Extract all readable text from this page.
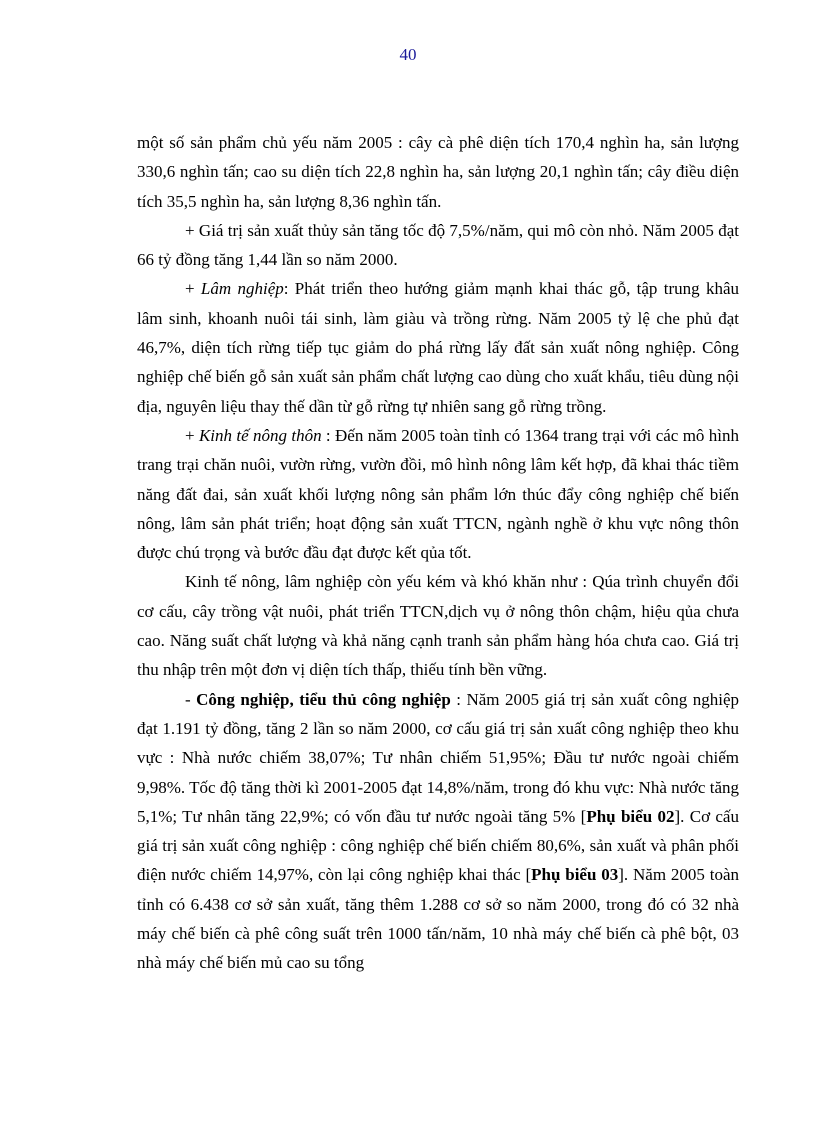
40

một số sản phẩm chủ yếu năm 2005 : cây cà phê diện tích 170,4 nghìn ha, sản lượng 330,6 nghìn tấn; cao su diện tích 22,8 nghìn ha, sản lượng 20,1 nghìn tấn; cây điều diện tích 35,5 nghìn ha, sản lượng 8,36 nghìn tấn.

+ Giá trị sản xuất thủy sản tăng tốc độ 7,5%/năm, qui mô còn nhỏ. Năm 2005 đạt 66 tỷ đồng tăng 1,44 lần so năm 2000.

+ Lâm nghiệp: Phát triển theo hướng giảm mạnh khai thác gỗ, tập trung khâu lâm sinh, khoanh nuôi tái sinh, làm giàu và trồng rừng. Năm 2005 tỷ lệ che phủ đạt 46,7%, diện tích rừng tiếp tục giảm do phá rừng lấy đất sản xuất nông nghiệp. Công nghiệp chế biến gỗ sản xuất sản phẩm chất lượng cao dùng cho xuất khẩu, tiêu dùng nội địa, nguyên liệu thay thế dần từ gỗ rừng tự nhiên sang gỗ rừng trồng.

+ Kinh tế nông thôn : Đến năm 2005 toàn tỉnh có 1364 trang trại với các mô hình trang trại chăn nuôi, vườn rừng, vườn đồi, mô hình nông lâm kết hợp, đã khai thác tiềm năng đất đai, sản xuất khối lượng nông sản phẩm lớn thúc đẩy công nghiệp chế biến nông, lâm sản phát triển; hoạt động sản xuất TTCN, ngành nghề ở khu vực nông thôn được chú trọng và bước đầu đạt được kết qủa tốt.

Kinh tế nông, lâm nghiệp còn yếu kém và khó khăn như : Qúa trình chuyển đổi cơ cấu, cây trồng vật nuôi, phát triển TTCN,dịch vụ ở nông thôn chậm, hiệu qủa chưa cao. Năng suất chất lượng và khả năng cạnh tranh sản phẩm hàng hóa chưa cao. Giá trị thu nhập trên một đơn vị diện tích thấp, thiếu tính bền vững.

- Công nghiệp, tiểu thủ công nghiệp : Năm 2005 giá trị sản xuất công nghiệp đạt 1.191 tỷ đồng, tăng 2 lần so năm 2000, cơ cấu giá trị sản xuất công nghiệp theo khu vực : Nhà nước chiếm 38,07%; Tư nhân chiếm 51,95%; Đầu tư nước ngoài chiếm 9,98%. Tốc độ tăng thời kì 2001-2005 đạt 14,8%/năm, trong đó khu vực: Nhà nước tăng 5,1%; Tư nhân tăng 22,9%; có vốn đầu tư nước ngoài tăng 5% [Phụ biểu 02]. Cơ cấu giá trị sản xuất công nghiệp : công nghiệp chế biến chiếm 80,6%, sản xuất và phân phối điện nước chiếm 14,97%, còn lại công nghiệp khai thác [Phụ biểu 03]. Năm 2005 toàn tỉnh có 6.438 cơ sở sản xuất, tăng thêm 1.288 cơ sở so năm 2000, trong đó có 32 nhà máy chế biến cà phê công suất trên 1000 tấn/năm, 10 nhà máy chế biến cà phê bột, 03 nhà máy chế biến mủ cao su tổng
